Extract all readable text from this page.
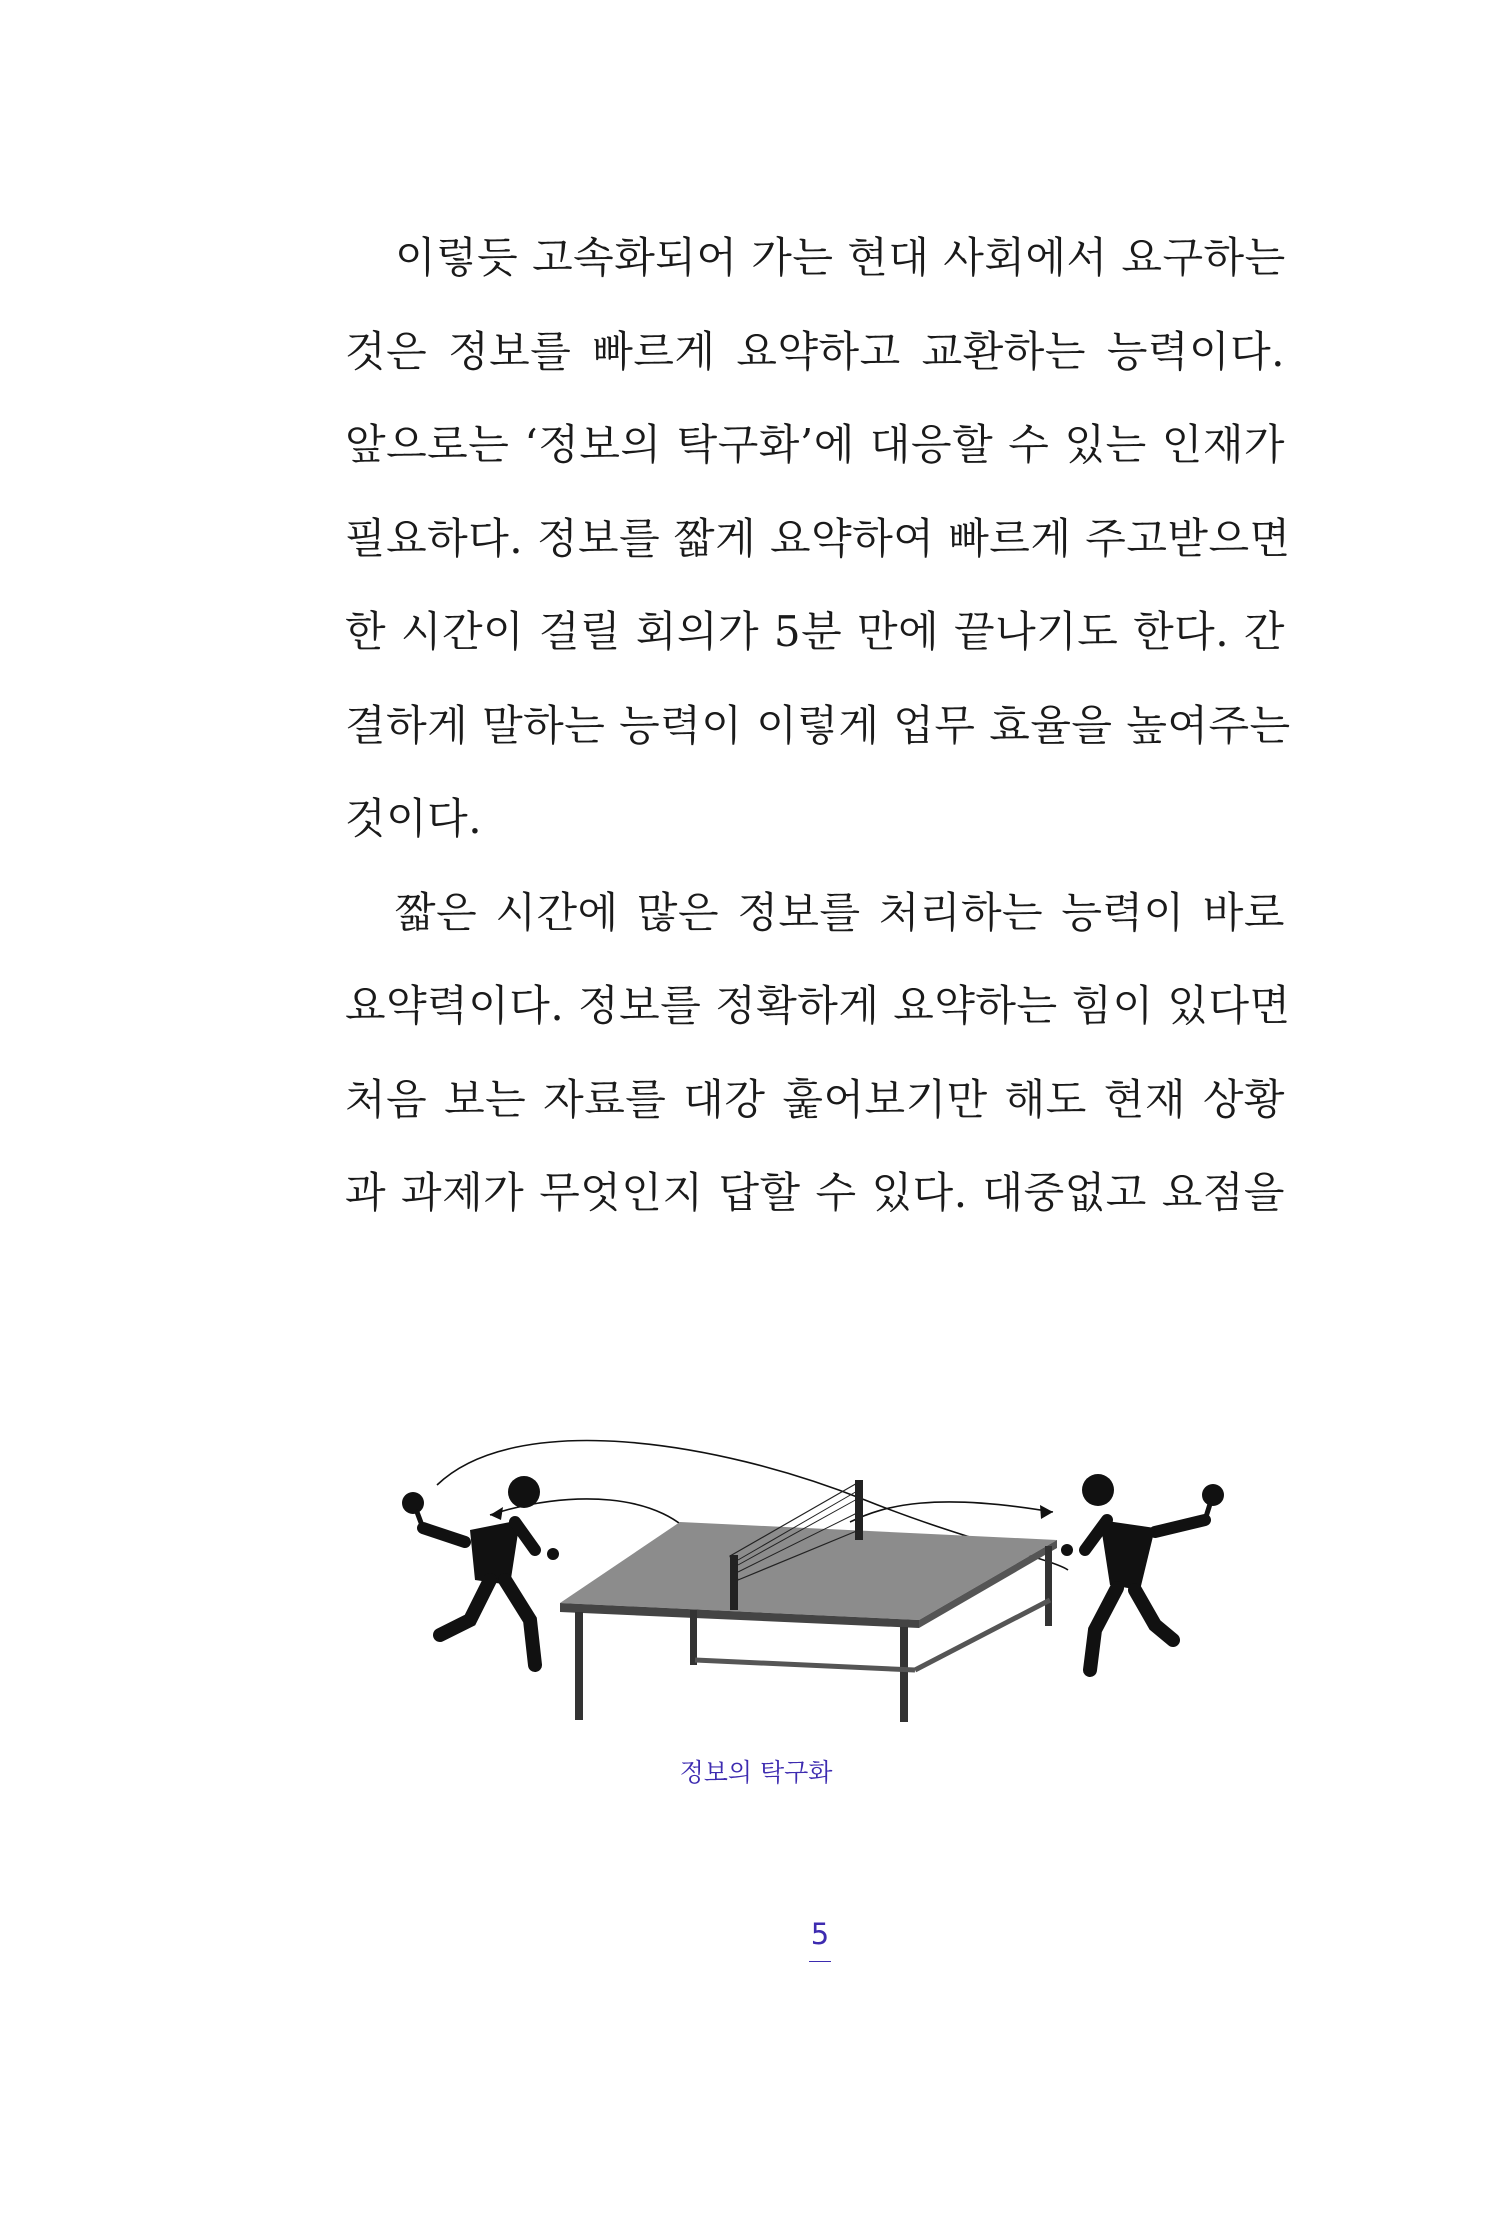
이렇듯 고속화되어 가는 현대 사회에서 요구하는
것은 정보를 빠르게 요약하고 교환하는 능력이다.
앞으로는 ‘정보의 탁구화’에 대응할 수 있는 인재가
필요하다. 정보를 짧게 요약하여 빠르게 주고받으면
한 시간이 걸릴 회의가 5분 만에 끝나기도 한다. 간
결하게 말하는 능력이 이렇게 업무 효율을 높여주는
것이다.
짧은 시간에 많은 정보를 처리하는 능력이 바로
요약력이다. 정보를 정확하게 요약하는 힘이 있다면
처음 보는 자료를 대강 훑어보기만 해도 현재 상황
과 과제가 무엇인지 답할 수 있다. 대중없고 요점을
정보의 탁구화
5
